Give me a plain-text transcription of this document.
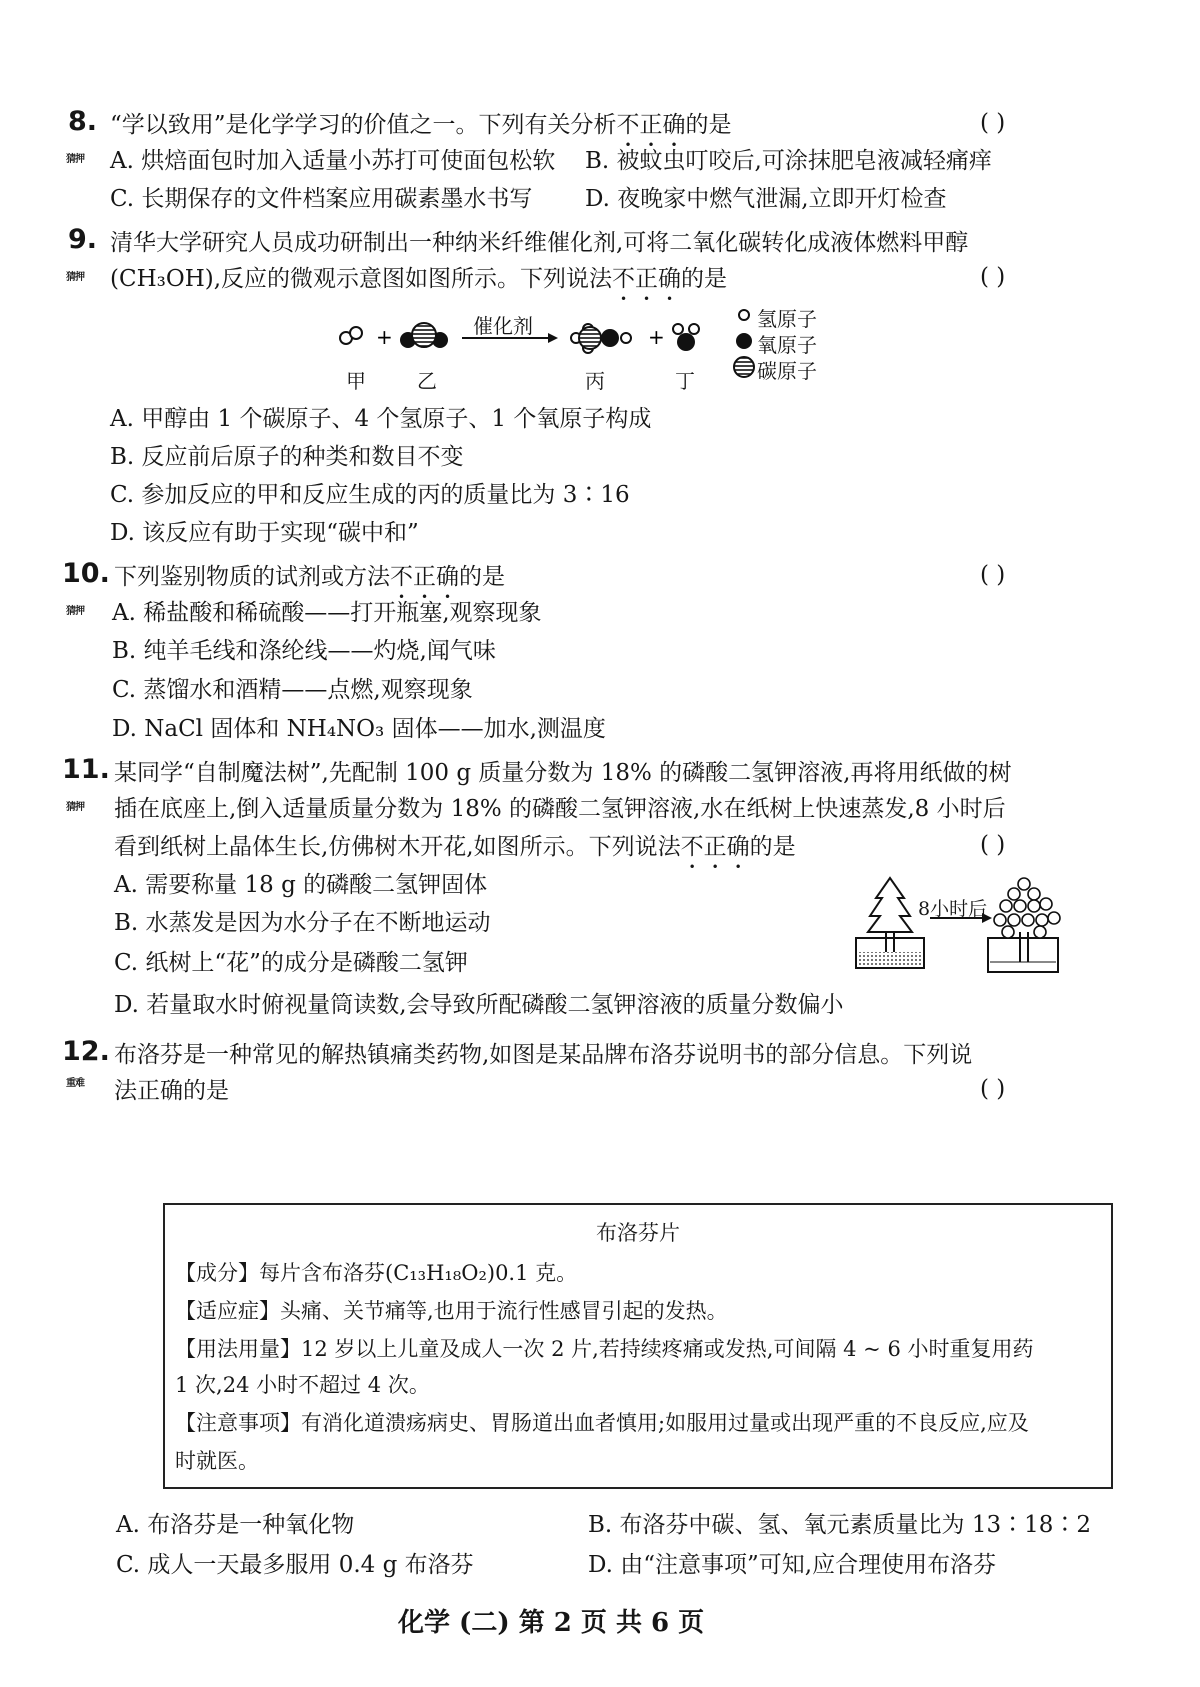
8. “学以致用”是化学学习的价值之一。下列有关分析不正确的是	( )
猜押 A. 烘焙面包时加入适量小苏打可使面包松软 B. 被蚊虫叮咬后,可涂抹肥皂液减轻痛痒
C. 长期保存的文件档案应用碳素墨水书写 D. 夜晚家中燃气泄漏,立即开灯检查
9. 清华大学研究人员成功研制出一种纳米纤维催化剂,可将二氧化碳转化成液体燃料甲醇
猜押 (CH₃OH),反应的微观示意图如图所示。下列说法不正确的是	( )
+	+
催化剂	氢原子
氧原子
碳原子
甲	乙	丙	丁
A. 甲醇由 1 个碳原子、4 个氢原子、1 个氧原子构成
B. 反应前后原子的种类和数目不变
C. 参加反应的甲和反应生成的丙的质量比为 3∶16
D. 该反应有助于实现“碳中和”
10. 下列鉴别物质的试剂或方法不正确的是	( )
猜押 A. 稀盐酸和稀硫酸——打开瓶塞,观察现象
B. 纯羊毛线和涤纶线——灼烧,闻气味
C. 蒸馏水和酒精——点燃,观察现象
D. NaCl 固体和 NH₄NO₃ 固体——加水,测温度
11. 某同学“自制魔法树”,先配制 100 g 质量分数为 18% 的磷酸二氢钾溶液,再将用纸做的树
猜押 插在底座上,倒入适量质量分数为 18% 的磷酸二氢钾溶液,水在纸树上快速蒸发,8 小时后
看到纸树上晶体生长,仿佛树木开花,如图所示。下列说法不正确的是	( )
A. 需要称量 18 g 的磷酸二氢钾固体
B. 水蒸发是因为水分子在不断地运动
C. 纸树上“花”的成分是磷酸二氢钾
D. 若量取水时俯视量筒读数,会导致所配磷酸二氢钾溶液的质量分数偏小
8小时后
12. 布洛芬是一种常见的解热镇痛类药物,如图是某品牌布洛芬说明书的部分信息。下列说
重难 法正确的是	( )
布洛芬片
【成分】每片含布洛芬(C₁₃H₁₈O₂)0.1 克。
【适应症】头痛、关节痛等,也用于流行性感冒引起的发热。
【用法用量】12 岁以上儿童及成人一次 2 片,若持续疼痛或发热,可间隔 4 ~ 6 小时重复用药
1 次,24 小时不超过 4 次。
【注意事项】有消化道溃疡病史、胃肠道出血者慎用;如服用过量或出现严重的不良反应,应及
时就医。
A. 布洛芬是一种氧化物	B. 布洛芬中碳、氢、氧元素质量比为 13∶18∶2
C. 成人一天最多服用 0.4 g 布洛芬	D. 由“注意事项”可知,应合理使用布洛芬
化学 (二) 第 2 页 共 6 页
